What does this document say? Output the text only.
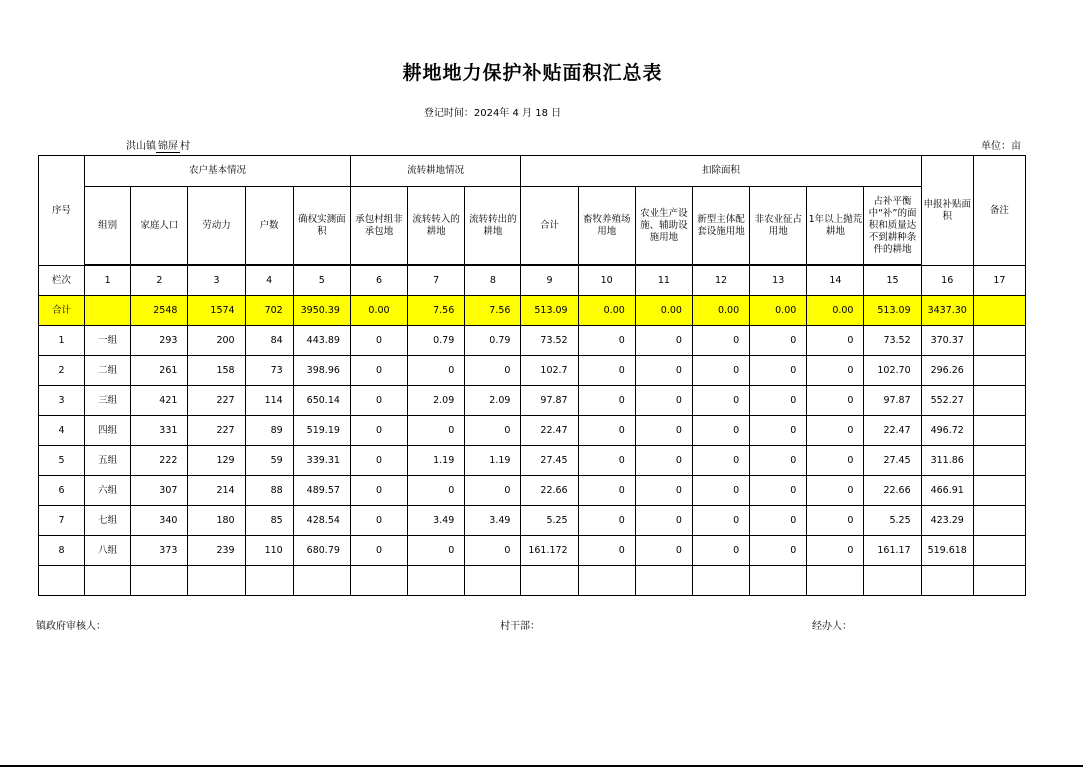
耕地地力保护补贴面积汇总表
登记时间：2024年 4 月 18 日
洪山镇 锦屏 村	单位：亩
序号	农户基本情况					流转耕地情况			扣除面积							申报补贴面积	备注
	组别	家庭人口	劳动力	户数	确权实测面积	承包村组非承包地	流转转入的耕地	流转转出的耕地	合计	畜牧养殖场用地	农业生产设施、辅助设施用地	新型主体配套设施用地	非农业征占用地	1年以上抛荒耕地	占补平衡中“补”的面积和质量达不到耕种条件的耕地		

栏次	1	2	3	4	5	6	7	8	9	10	11	12	13	14	15	16	17
合计		2548	1574	702	3950.39	0.00	7.56	7.56	513.09	0.00	0.00	0.00	0.00	0.00	513.09	3437.30	
1	一组	293	200	84	443.89	0	0.79	0.79	73.52	0	0	0	0	0	73.52	370.37	
2	二组	261	158	73	398.96	0	0	0	102.7	0	0	0	0	0	102.70	296.26	
3	三组	421	227	114	650.14	0	2.09	2.09	97.87	0	0	0	0	0	97.87	552.27	
4	四组	331	227	89	519.19	0	0	0	22.47	0	0	0	0	0	22.47	496.72	
5	五组	222	129	59	339.31	0	1.19	1.19	27.45	0	0	0	0	0	27.45	311.86	
6	六组	307	214	88	489.57	0	0	0	22.66	0	0	0	0	0	22.66	466.91	
7	七组	340	180	85	428.54	0	3.49	3.49	5.25	0	0	0	0	0	5.25	423.29	
8	八组	373	239	110	680.79	0	0	0	161.172	0	0	0	0	0	161.17	519.618	

镇政府审核人：	村干部：	经办人：
